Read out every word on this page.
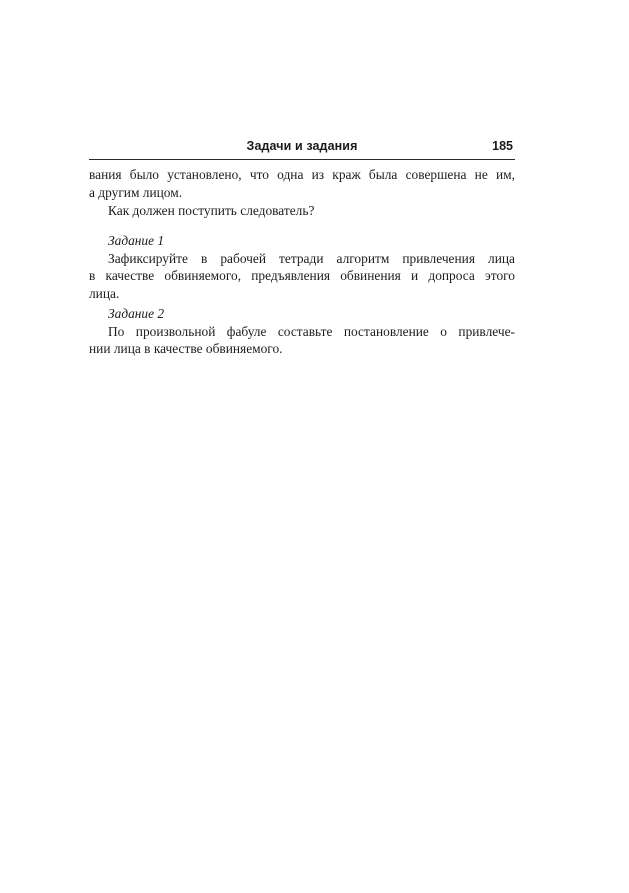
Задачи и задания	185
вания было установлено, что одна из краж была совершена не им,
а другим лицом.
Как должен поступить следователь?
Задание 1
Зафиксируйте в рабочей тетради алгоритм привлечения лица
в качестве обвиняемого, предъявления обвинения и допроса этого
лица.
Задание 2
По произвольной фабуле составьте постановление о привлече-
нии лица в качестве обвиняемого.
